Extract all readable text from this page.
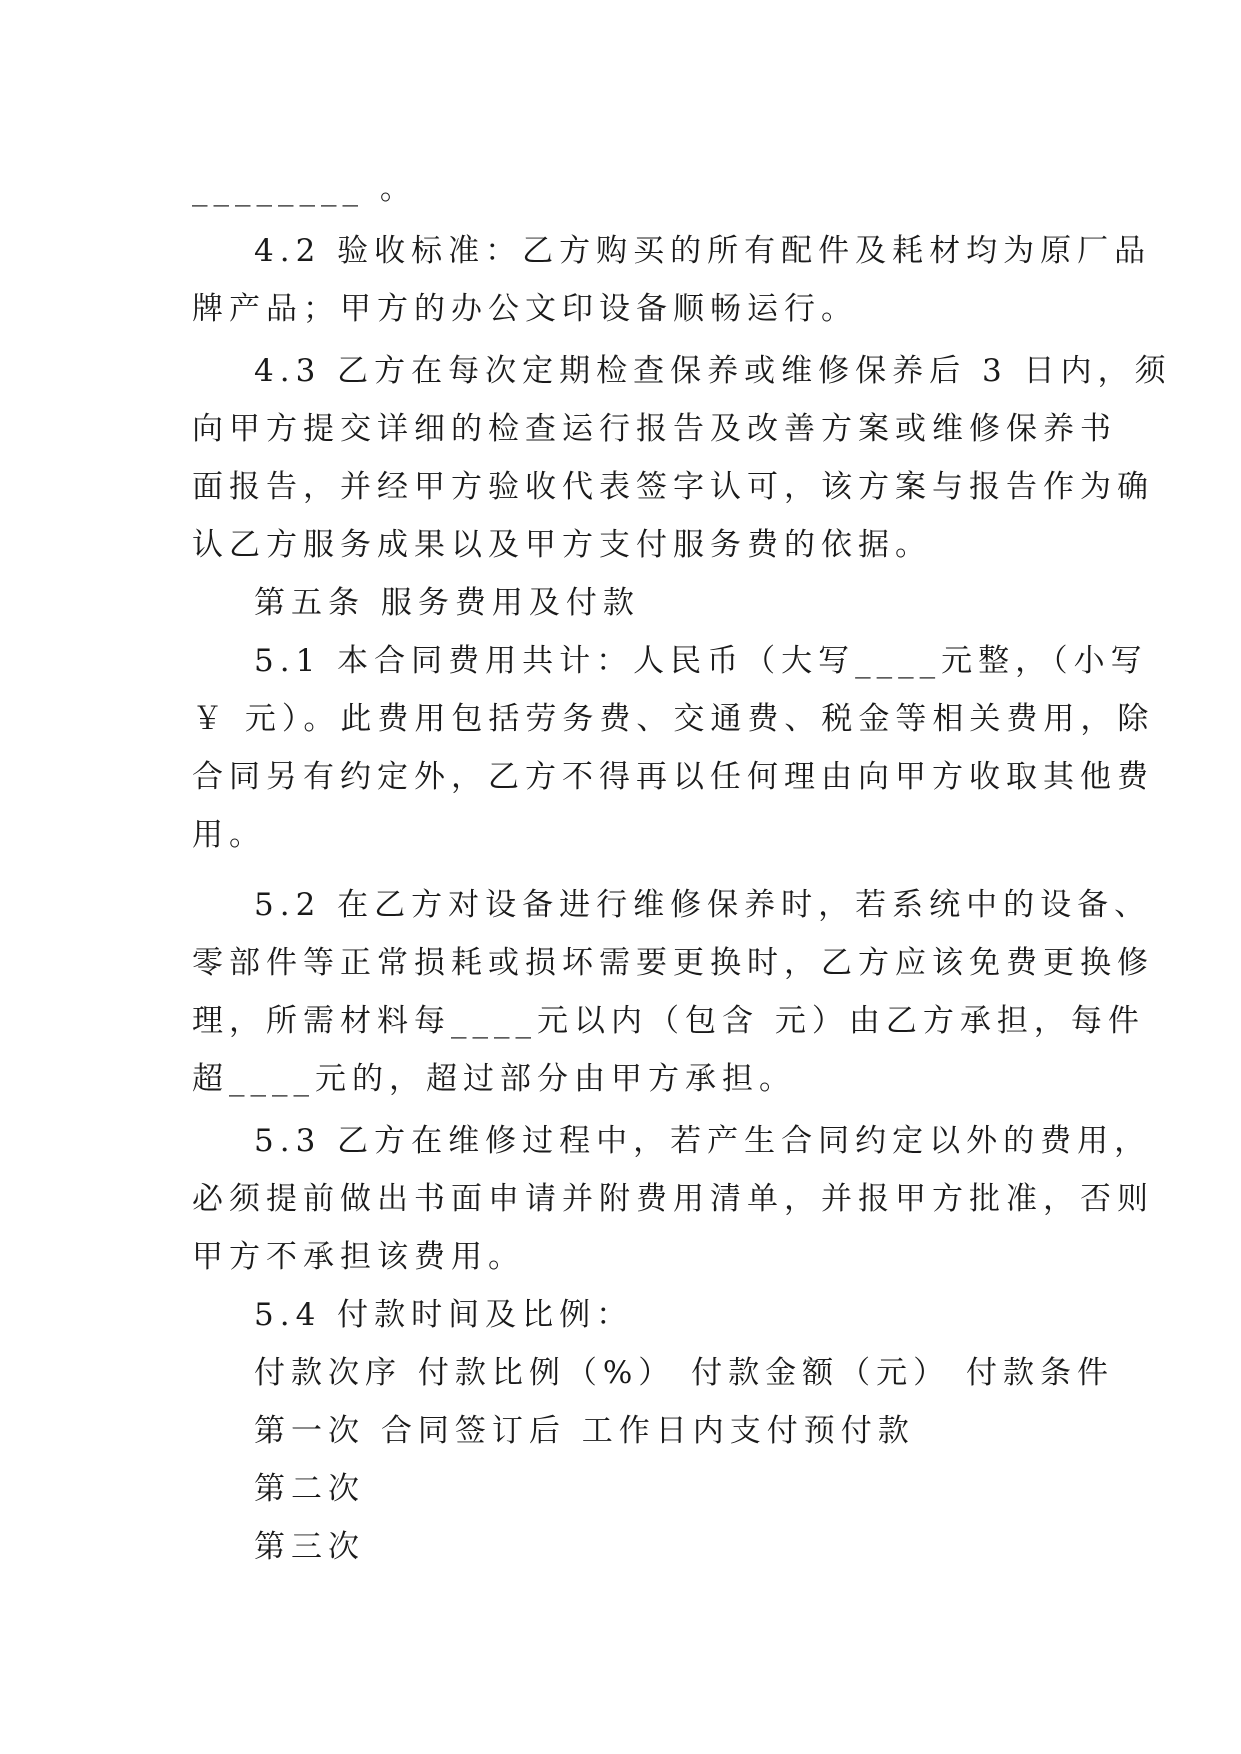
________ 。
4.2 验收标准：乙方购买的所有配件及耗材均为原厂品
牌产品；甲方的办公文印设备顺畅运行。
4.3 乙方在每次定期检查保养或维修保养后 3 日内，须
向甲方提交详细的检查运行报告及改善方案或维修保养书
面报告，并经甲方验收代表签字认可，该方案与报告作为确
认乙方服务成果以及甲方支付服务费的依据。
第五条 服务费用及付款
5.1 本合同费用共计：人民币（大写____元整，（小写
￥ 元）。此费用包括劳务费、交通费、税金等相关费用，除
合同另有约定外，乙方不得再以任何理由向甲方收取其他费
用。
5.2 在乙方对设备进行维修保养时，若系统中的设备、
零部件等正常损耗或损坏需要更换时，乙方应该免费更换修
理，所需材料每____元以内（包含 元）由乙方承担，每件
超____元的，超过部分由甲方承担。
5.3 乙方在维修过程中，若产生合同约定以外的费用，
必须提前做出书面申请并附费用清单，并报甲方批准，否则
甲方不承担该费用。
5.4 付款时间及比例：
付款次序 付款比例（%） 付款金额（元） 付款条件
第一次 合同签订后 工作日内支付预付款
第二次
第三次
